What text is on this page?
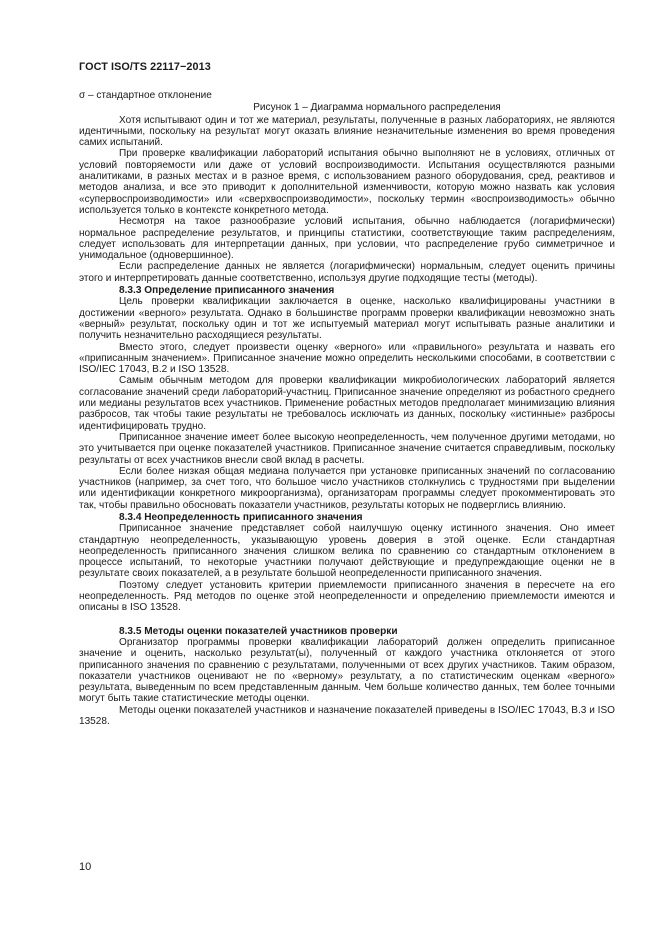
ГОСТ ISO/TS 22117−2013
σ – стандартное отклонение
Рисунок 1 – Диаграмма нормального распределения

Хотя испытывают один и тот же материал, результаты, полученные в разных лабораториях, не являются идентичными, поскольку на результат могут оказать влияние незначительные изменения во время проведения самих испытаний.

При проверке квалификации лабораторий испытания обычно выполняют не в условиях, отличных от условий повторяемости или даже от условий воспроизводимости. Испытания осуществляются разными аналитиками, в разных местах и в разное время, с использованием разного оборудования, сред, реактивов и методов анализа, и все это приводит к дополнительной изменчивости, которую можно назвать как условия «супервоспроизводимости» или «сверхвоспроизводимости», поскольку термин «воспроизводимость» обычно используется только в контексте конкретного метода.

Несмотря на такое разнообразие условий испытания, обычно наблюдается (логарифмически) нормальное распределение результатов, и принципы статистики, соответствующие таким распределениям, следует использовать для интерпретации данных, при условии, что распределение грубо симметричное и унимодальное (одновершинное).

Если распределение данных не является (логарифмически) нормальным, следует оценить причины этого и интерпретировать данные соответственно, используя другие подходящие тесты (методы).

8.3.3 Определение приписанного значения

Цель проверки квалификации заключается в оценке, насколько квалифицированы участники в достижении «верного» результата. Однако в большинстве программ проверки квалификации невозможно знать «верный» результат, поскольку один и тот же испытуемый материал могут испытывать разные аналитики и получить незначительно расходящиеся результаты.

Вместо этого, следует произвести оценку «верного» или «правильного» результата и назвать его «приписанным значением». Приписанное значение можно определить несколькими способами, в соответствии с ISO/IEC 17043, B.2 и ISO 13528.

Самым обычным методом для проверки квалификации микробиологических лабораторий является согласование значений среди лабораторий-участниц. Приписанное значение определяют из робастного среднего или медианы результатов всех участников. Применение робастных методов предполагает минимизацию влияния разбросов, так чтобы такие результаты не требовалось исключать из данных, поскольку «истинные» разбросы идентифицировать трудно.

Приписанное значение имеет более высокую неопределенность, чем полученное другими методами, но это учитывается при оценке показателей участников. Приписанное значение считается справедливым, поскольку результаты от всех участников внесли свой вклад в расчеты.

Если более низкая общая медиана получается при установке приписанных значений по согласованию участников (например, за счет того, что большое число участников столкнулись с трудностями при выделении или идентификации конкретного микроорганизма), организаторам программы следует прокомментировать это так, чтобы правильно обосновать показатели участников, результаты которых не подверглись влиянию.

8.3.4 Неопределенность приписанного значения

Приписанное значение представляет собой наилучшую оценку истинного значения. Оно имеет стандартную неопределенность, указывающую уровень доверия в этой оценке. Если стандартная неопределенность приписанного значения слишком велика по сравнению со стандартным отклонением в процессе испытаний, то некоторые участники получают действующие и предупреждающие оценки не в результате своих показателей, а в результате большой неопределенности приписанного значения.

Поэтому следует установить критерии приемлемости приписанного значения в пересчете на его неопределенность. Ряд методов по оценке этой неопределенности и определению приемлемости имеются и описаны в ISO 13528.

8.3.5 Методы оценки показателей участников проверки

Организатор программы проверки квалификации лабораторий должен определить приписанное значение и оценить, насколько результат(ы), полученный от каждого участника отклоняется от этого приписанного значения по сравнению с результатами, полученными от всех других участников. Таким образом, показатели участников оценивают не по «верному» результату, а по статистическим оценкам «верного» результата, выведенным по всем представленным данным. Чем больше количество данных, тем более точными могут быть такие статистические методы оценки.

Методы оценки показателей участников и назначение показателей приведены в ISO/IEC 17043, B.3 и ISO 13528.

10
